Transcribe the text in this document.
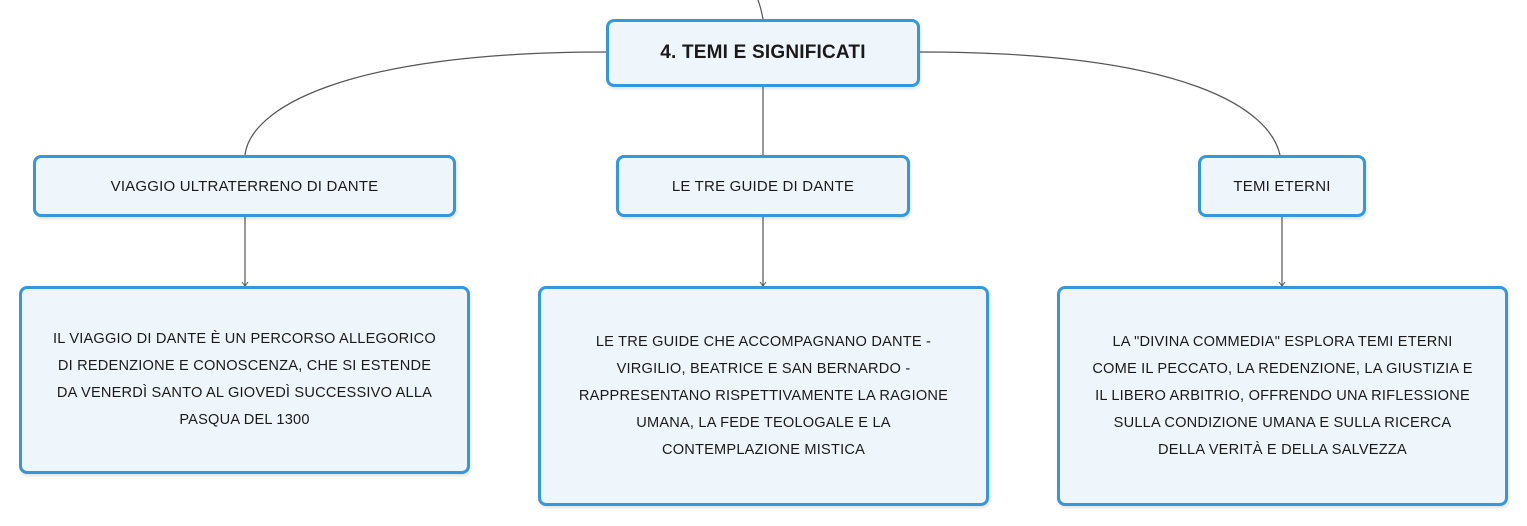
4. TEMI E SIGNIFICATI
VIAGGIO ULTRATERRENO DI DANTE	LE TRE GUIDE DI DANTE	TEMI ETERNI
IL VIAGGIO DI DANTE È UN PERCORSO ALLEGORICO
DI REDENZIONE E CONOSCENZA, CHE SI ESTENDE
DA VENERDÌ SANTO AL GIOVEDÌ SUCCESSIVO ALLA
PASQUA DEL 1300
LE TRE GUIDE CHE ACCOMPAGNANO DANTE -
VIRGILIO, BEATRICE E SAN BERNARDO -
RAPPRESENTANO RISPETTIVAMENTE LA RAGIONE
UMANA, LA FEDE TEOLOGALE E LA
CONTEMPLAZIONE MISTICA
LA "DIVINA COMMEDIA" ESPLORA TEMI ETERNI
COME IL PECCATO, LA REDENZIONE, LA GIUSTIZIA E
IL LIBERO ARBITRIO, OFFRENDO UNA RIFLESSIONE
SULLA CONDIZIONE UMANA E SULLA RICERCA
DELLA VERITÀ E DELLA SALVEZZA
